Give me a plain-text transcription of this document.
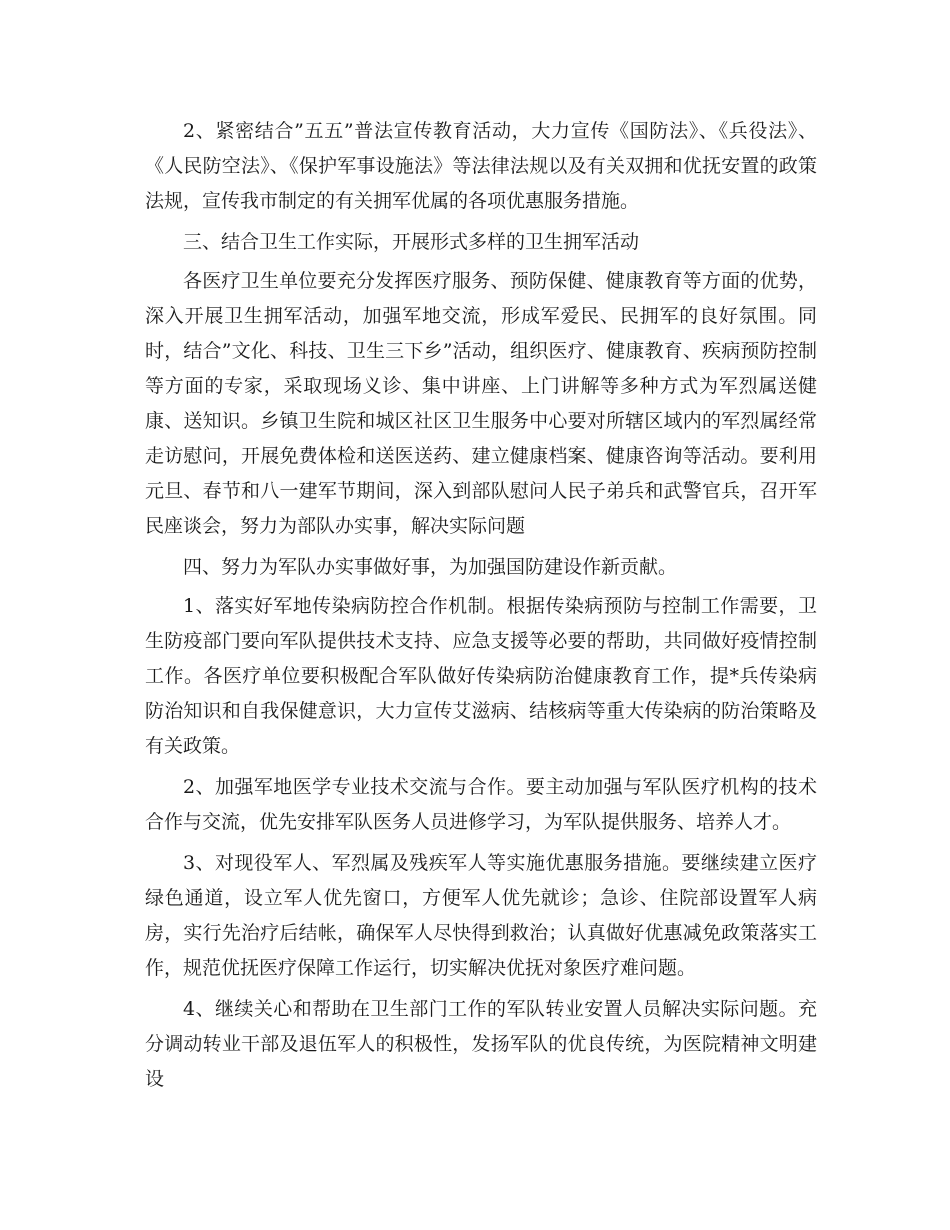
2、紧密结合”五五”普法宣传教育活动，大力宣传《国防法》、《兵役法》、《人民防空法》、《保护军事设施法》等法律法规以及有关双拥和优抚安置的政策法规，宣传我市制定的有关拥军优属的各项优惠服务措施。

三、结合卫生工作实际，开展形式多样的卫生拥军活动

各医疗卫生单位要充分发挥医疗服务、预防保健、健康教育等方面的优势，深入开展卫生拥军活动，加强军地交流，形成军爱民、民拥军的良好氛围。同时，结合”文化、科技、卫生三下乡”活动，组织医疗、健康教育、疾病预防控制等方面的专家，采取现场义诊、集中讲座、上门讲解等多种方式为军烈属送健康、送知识。乡镇卫生院和城区社区卫生服务中心要对所辖区域内的军烈属经常走访慰问，开展免费体检和送医送药、建立健康档案、健康咨询等活动。要利用元旦、春节和八一建军节期间，深入到部队慰问人民子弟兵和武警官兵，召开军民座谈会，努力为部队办实事，解决实际问题

四、努力为军队办实事做好事，为加强国防建设作新贡献。

1、落实好军地传染病防控合作机制。根据传染病预防与控制工作需要，卫生防疫部门要向军队提供技术支持、应急支援等必要的帮助，共同做好疫情控制工作。各医疗单位要积极配合军队做好传染病防治健康教育工作，提*兵传染病防治知识和自我保健意识，大力宣传艾滋病、结核病等重大传染病的防治策略及有关政策。

2、加强军地医学专业技术交流与合作。要主动加强与军队医疗机构的技术合作与交流，优先安排军队医务人员进修学习，为军队提供服务、培养人才。

3、对现役军人、军烈属及残疾军人等实施优惠服务措施。要继续建立医疗绿色通道，设立军人优先窗口，方便军人优先就诊；急诊、住院部设置军人病房，实行先治疗后结帐，确保军人尽快得到救治；认真做好优惠减免政策落实工作，规范优抚医疗保障工作运行，切实解决优抚对象医疗难问题。

4、继续关心和帮助在卫生部门工作的军队转业安置人员解决实际问题。充分调动转业干部及退伍军人的积极性，发扬军队的优良传统，为医院精神文明建设
